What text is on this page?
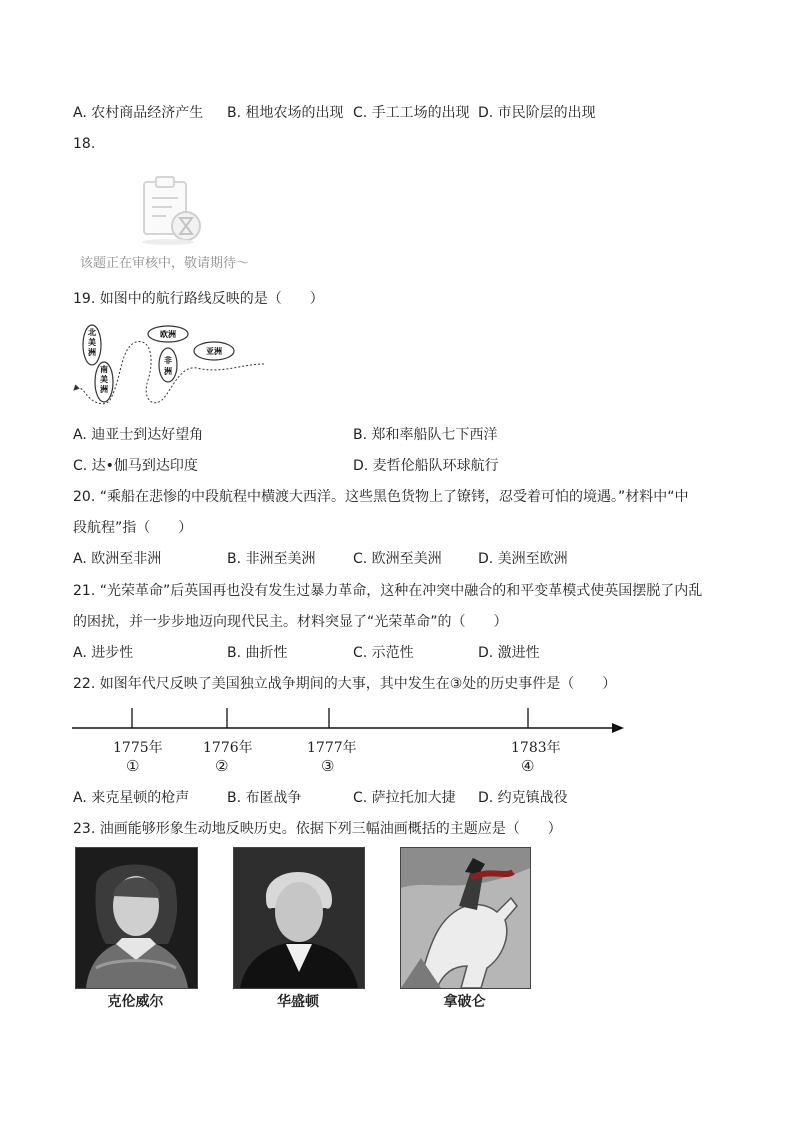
A. 农村商品经济产生 B. 租地农场的出现 C. 手工工场的出现 D. 市民阶层的出现
18.
该题正在审核中，敬请期待～
19. 如图中的航行路线反映的是（　　）
北
美
洲
南
美
洲
欧洲
非
洲
亚洲
A. 迪亚士到达好望角	B. 郑和率船队七下西洋
C. 达•伽马到达印度	D. 麦哲伦船队环球航行
20. “乘船在悲惨的中段航程中横渡大西洋。这些黑色货物上了镣铐，忍受着可怕的境遇。”材料中“中
段航程”指（　　）
A. 欧洲至非洲	B. 非洲至美洲	C. 欧洲至美洲	D. 美洲至欧洲
21. “光荣革命”后英国再也没有发生过暴力革命，这种在冲突中融合的和平变革模式使英国摆脱了内乱
的困扰，并一步步地迈向现代民主。材料突显了“光荣革命”的（　　）
A. 进步性	B. 曲折性	C. 示范性	D. 激进性
22. 如图年代尺反映了美国独立战争期间的大事，其中发生在③处的历史事件是（　　）
1775年	1776年	1777年	1783年
①	②	③	④
A. 来克星顿的枪声	B. 布匿战争	C. 萨拉托加大捷 D. 约克镇战役
23. 油画能够形象生动地反映历史。依据下列三幅油画概括的主题应是（　　）
克伦威尔	华盛顿	拿破仑
